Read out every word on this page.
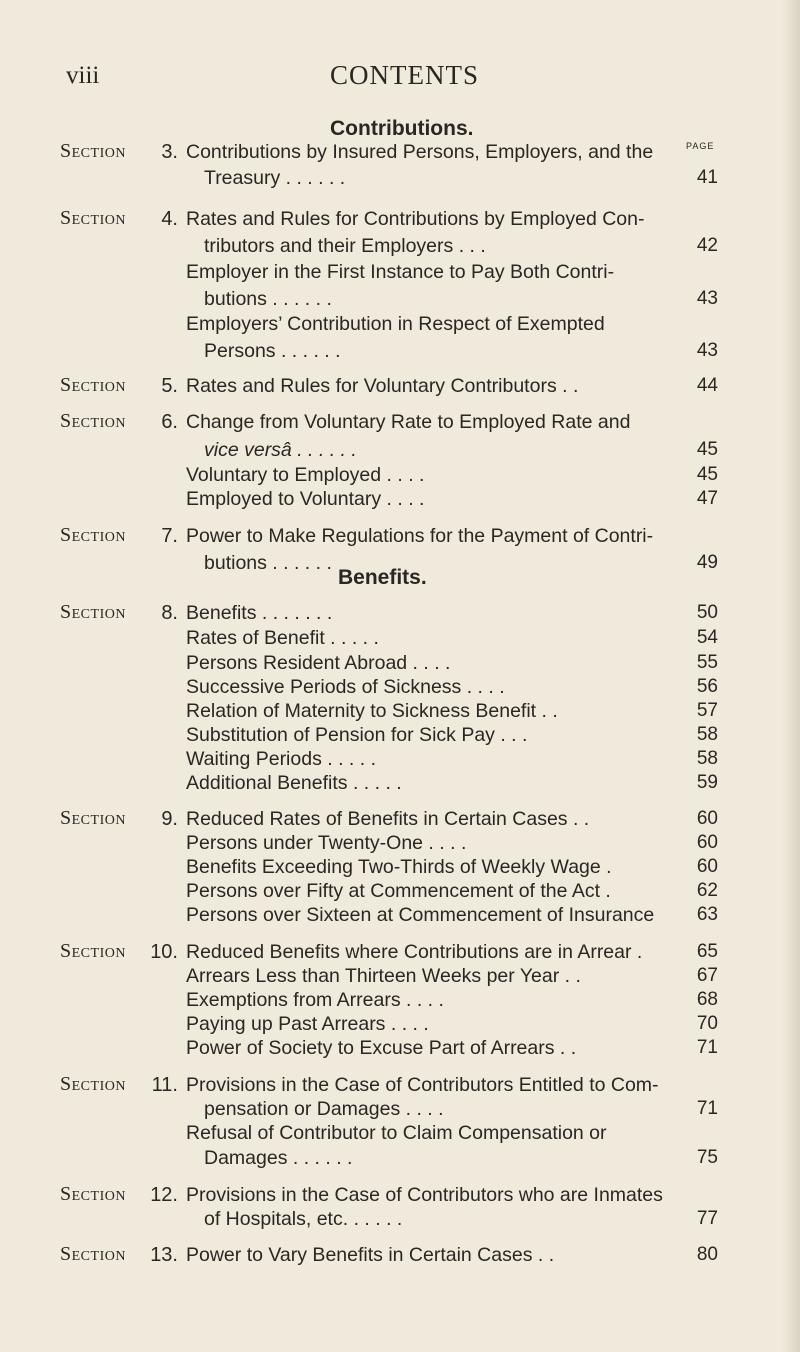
viii	CONTENTS
Contributions.
PAGE
Benefits.
Section	3. Contributions by Insured Persons, Employers, and the
Treasury . . . . . .	41
Section	4. Rates and Rules for Contributions by Employed Con-
tributors and their Employers . . .	42
Employer in the First Instance to Pay Both Contri-
butions . . . . . .	43
Employers’ Contribution in Respect of Exempted
Persons . . . . . .	43
Section	5. Rates and Rules for Voluntary Contributors . .	44
Section	6. Change from Voluntary Rate to Employed Rate and
vice versâ . . . . . .	45
Voluntary to Employed . . . .	45
Employed to Voluntary . . . .	47
Section	7. Power to Make Regulations for the Payment of Contri-
butions . . . . . .	49
Section	8. Benefits . . . . . . .	50
Rates of Benefit . . . . .	54
Persons Resident Abroad . . . .	55
Successive Periods of Sickness . . . .	56
Relation of Maternity to Sickness Benefit . .	57
Substitution of Pension for Sick Pay . . .	58
Waiting Periods . . . . .	58
Additional Benefits . . . . .	59
Section	9. Reduced Rates of Benefits in Certain Cases . .	60
Persons under Twenty-One . . . .	60
Benefits Exceeding Two-Thirds of Weekly Wage .	60
Persons over Fifty at Commencement of the Act .	62
Persons over Sixteen at Commencement of Insurance	63
Section 10. Reduced Benefits where Contributions are in Arrear .	65
Arrears Less than Thirteen Weeks per Year . .	67
Exemptions from Arrears . . . .	68
Paying up Past Arrears . . . .	70
Power of Society to Excuse Part of Arrears . .	71
Section 11. Provisions in the Case of Contributors Entitled to Com-
pensation or Damages . . . .	71
Refusal of Contributor to Claim Compensation or
Damages . . . . . .	75
Section 12. Provisions in the Case of Contributors who are Inmates
of Hospitals, etc. . . . . .	77
Section 13. Power to Vary Benefits in Certain Cases . .	80
